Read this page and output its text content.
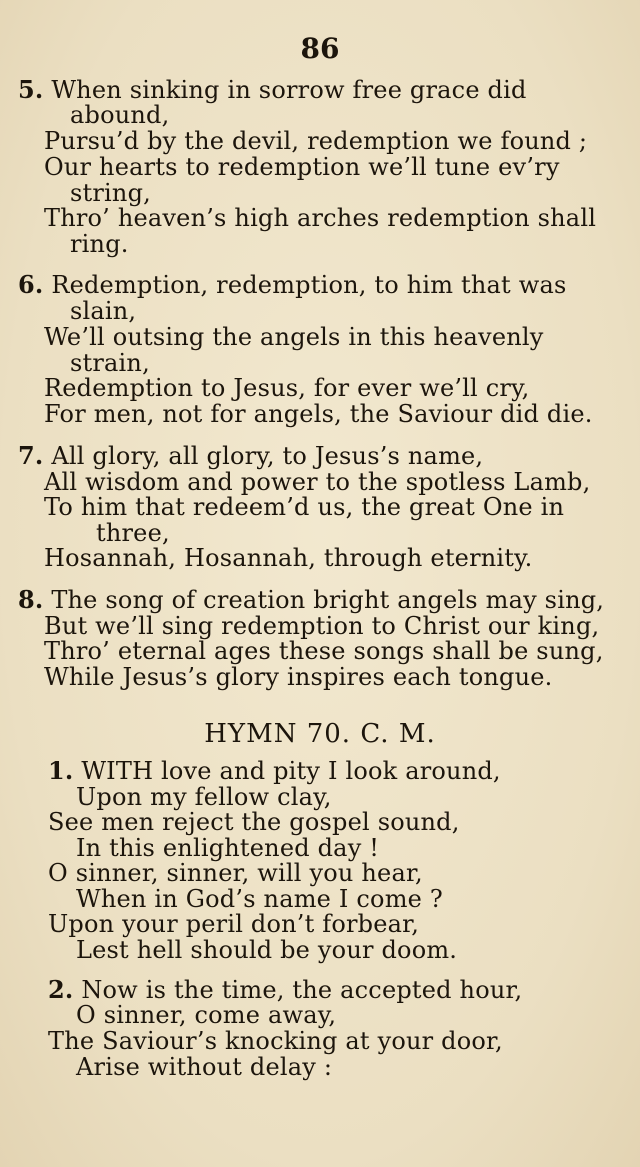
86
5. When sinking in sorrow free grace did
abound,
Pursu’d by the devil, redemption we found ;
Our hearts to redemption we’ll tune ev’ry
string,
Thro’ heaven’s high arches redemption shall
ring.
6. Redemption, redemption, to him that was
slain,
We’ll outsing the angels in this heavenly
strain,
Redemption to Jesus, for ever we’ll cry,
For men, not for angels, the Saviour did die.
7. All glory, all glory, to Jesus’s name,
All wisdom and power to the spotless Lamb,
To him that redeem’d us, the great One in
three,
Hosannah, Hosannah, through eternity.
8. The song of creation bright angels may sing,
But we’ll sing redemption to Christ our king,
Thro’ eternal ages these songs shall be sung,
While Jesus’s glory inspires each tongue.
HYMN 70. C. M.
1. WITH love and pity I look around,
Upon my fellow clay,
See men reject the gospel sound,
In this enlightened day !
O sinner, sinner, will you hear,
When in God’s name I come ?
Upon your peril don’t forbear,
Lest hell should be your doom.
2. Now is the time, the accepted hour,
O sinner, come away,
The Saviour’s knocking at your door,
Arise without delay :
